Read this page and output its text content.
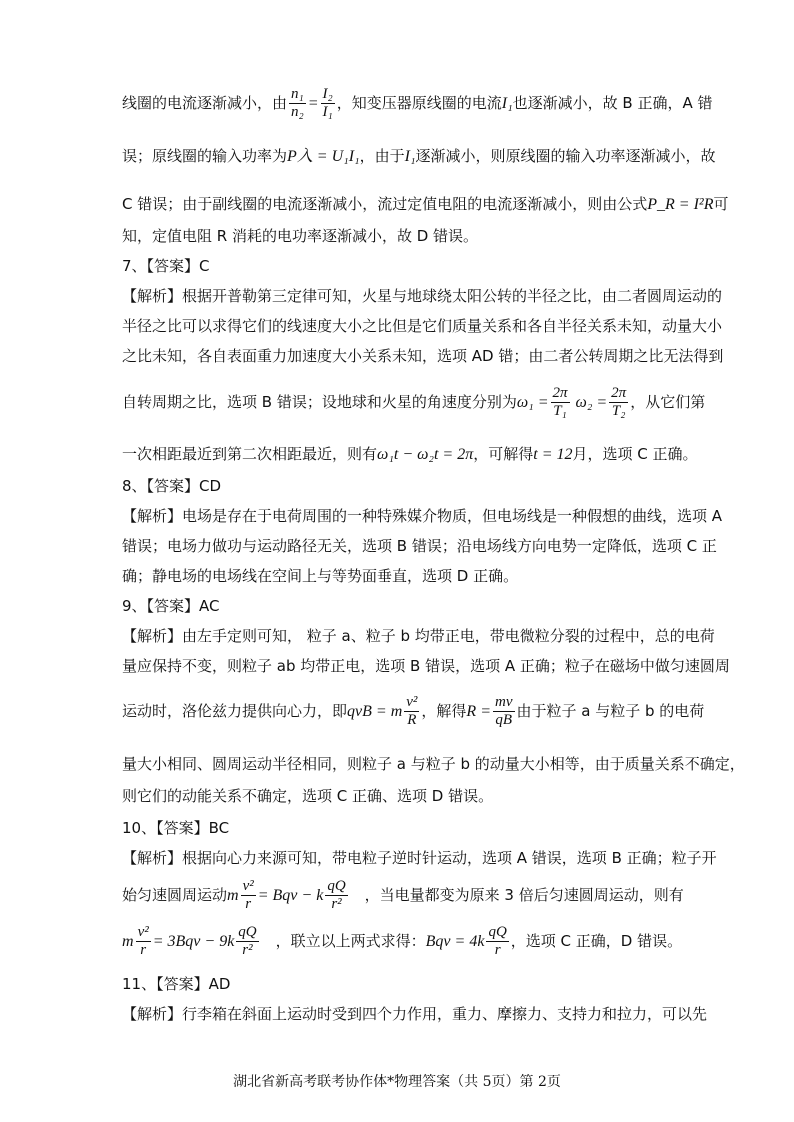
线圈的电流逐渐减小，由 $\frac{\text{n₁}}{\text{n₂}} = \frac{\text{I₂}}{\text{I₁}}$ ，知变压器原线圈的电流I₁也逐渐减小，故 B 正确，A 错
误；原线圈的输入功率为P入 = U₁I₁，由于I₁逐渐减小，则原线圈的输入功率逐渐减小，故
C 错误；由于副线圈的电流逐渐减小，流过定值电阻的电流逐渐减小，则由公式P_R = I²R可
知，定值电阻 R 消耗的电功率逐渐减小，故 D 错误。
7、【答案】C
【解析】根据开普勒第三定律可知，火星与地球绕太阳公转的半径之比，由二者圆周运动的
半径之比可以求得它们的线速度大小之比但是它们质量关系和各自半径关系未知，动量大小
之比未知，各自表面重力加速度大小关系未知，选项 AD 错；由二者公转周期之比无法得到
自转周期之比，选项 B 错误；设地球和火星的角速度分别为$\omega_1 = \frac{2\pi}{\text{T₁}} \omega_2 = \frac{2\pi}{\text{T₂}}$ ，从它们第
一次相距最近到第二次相距最近，则有ω₁t − ω₂t = 2π，可解得t = 12月，选项 C 正确。
8、【答案】CD
【解析】电场是存在于电荷周围的一种特殊媒介物质，但电场线是一种假想的曲线，选项 A
错误；电场力做功与运动路径无关，选项 B 错误；沿电场线方向电势一定降低，选项 C 正
确；静电场的电场线在空间上与等势面垂直，选项 D 正确。
9、【答案】AC
【解析】由左手定则可知， 粒子 a、粒子 b 均带正电，带电微粒分裂的过程中，总的电荷
量应保持不变，则粒子 ab 均带正电，选项 B 错误，选项 A 正确；粒子在磁场中做匀速圆周
运动时，洛伦兹力提供向心力，即qvB = m $\frac{\text{v²}}{R}$ ，解得$R = \frac{mv}{qB}$ 由于粒子 a 与粒子 b 的电荷
量大小相同、圆周运动半径相同，则粒子 a 与粒子 b 的动量大小相等，由于质量关系不确定，
则它们的动能关系不确定，选项 C 正确、选项 D 错误。
10、【答案】BC
【解析】根据向心力来源可知，带电粒子逆时针运动，选项 A 错误，选项 B 正确；粒子开
始匀速圆周运动m $\frac{\text{v²}}{r}$ = Bqv − k $\frac{qQ}{\text{r²}}$ 　，当电量都变为原来 3 倍后匀速圆周运动，则有
m $\frac{\text{v²}}{r} = 3Bqv - 9k \frac{qQ}{\text{r²}}$ 　，联立以上两式求得：Bqv = $4k \frac{qQ}{r}$ ，选项 C 正确，D 错误。
11、【答案】AD
【解析】行李箱在斜面上运动时受到四个力作用，重力、摩擦力、支持力和拉力，可以先
湖北省新高考联考协作体*物理答案（共 5页）第 2页
